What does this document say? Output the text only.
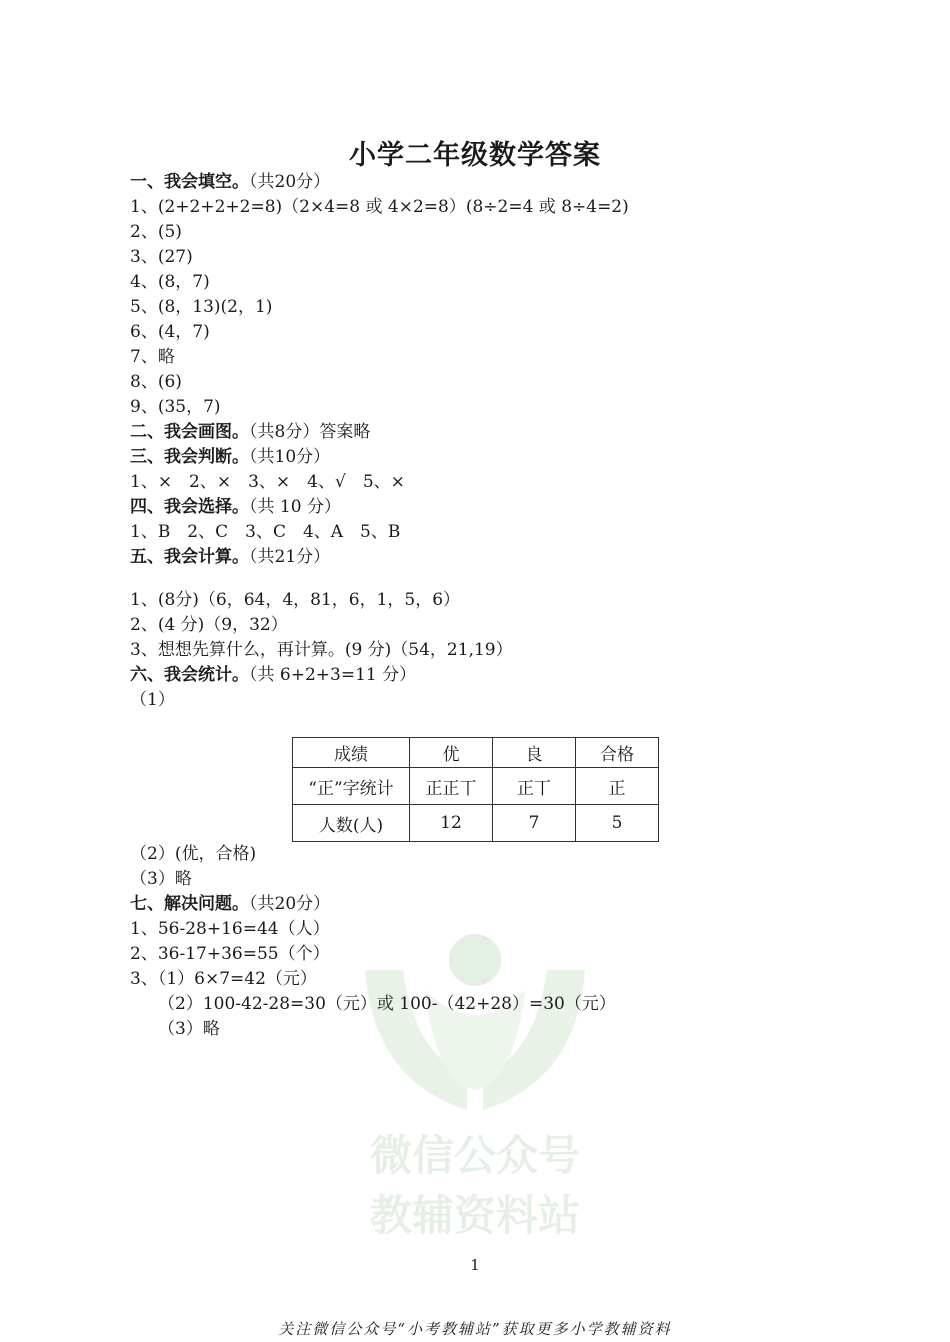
微信公众号
教辅资料站
小学二年级数学答案
一、我会填空。（共20分）
1、(2+2+2+2=8)（2×4=8 或 4×2=8）(8÷2=4 或 8÷4=2)
2、(5)
3、(27)
4、(8，7)
5、(8，13)(2，1)
6、(4，7)
7、略
8、(6)
9、(35，7)
二、我会画图。（共8分）答案略
三、我会判断。（共10分）
1、×　2、×　3、×　4、√　5、×
四、我会选择。（共 10 分）
1、B　2、C　3、C　4、A　5、B
五、我会计算。（共21分）
1、(8分)（6，64，4，81，6，1，5，6）
2、(4 分)（9，32）
3、想想先算什么，再计算。(9 分)（54，21,19）
六、我会统计。（共 6+2+3=11 分）
（1）
成绩	优	良	合格
“正”字统计	正正丅	正丅	正
人数(人)	12	7	5
（2）(优，合格)
（3）略
七、解决问题。（共20分）
1、56-28+16=44（人）
2、36-17+36=55（个）
3、（1）6×7=42（元）
（2）100-42-28=30（元）或 100-（42+28）=30（元）
（3）略
1
关注微信公众号“小考教辅站”获取更多小学教辅资料
